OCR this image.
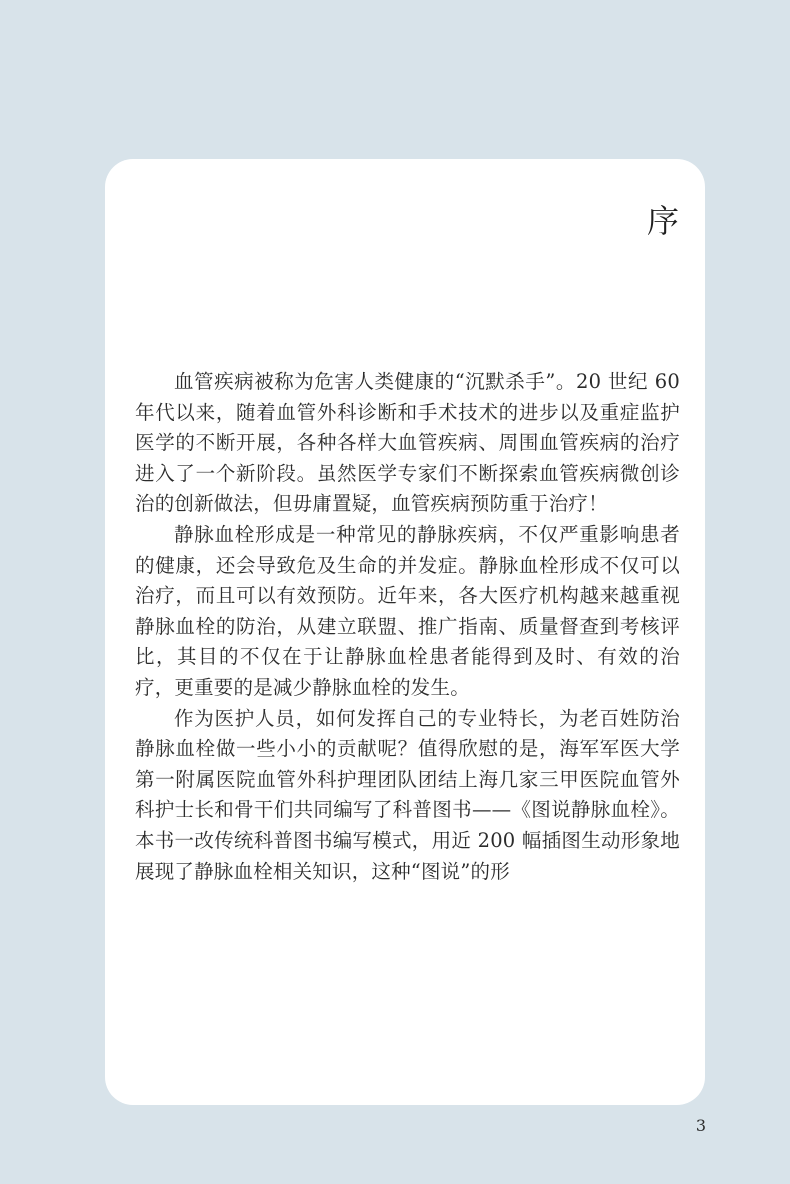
序

血管疾病被称为危害人类健康的“沉默杀手”。20 世纪 60 年代以来，随着血管外科诊断和手术技术的进步以及重症监护医学的不断开展，各种各样大血管疾病、周围血管疾病的治疗进入了一个新阶段。虽然医学专家们不断探索血管疾病微创诊治的创新做法，但毋庸置疑，血管疾病预防重于治疗！

静脉血栓形成是一种常见的静脉疾病，不仅严重影响患者的健康，还会导致危及生命的并发症。静脉血栓形成不仅可以治疗，而且可以有效预防。近年来，各大医疗机构越来越重视静脉血栓的防治，从建立联盟、推广指南、质量督查到考核评比，其目的不仅在于让静脉血栓患者能得到及时、有效的治疗，更重要的是减少静脉血栓的发生。

作为医护人员，如何发挥自己的专业特长，为老百姓防治静脉血栓做一些小小的贡献呢？值得欣慰的是，海军军医大学第一附属医院血管外科护理团队团结上海几家三甲医院血管外科护士长和骨干们共同编写了科普图书——《图说静脉血栓》。本书一改传统科普图书编写模式，用近 200 幅插图生动形象地展现了静脉血栓相关知识，这种“图说”的形

3
